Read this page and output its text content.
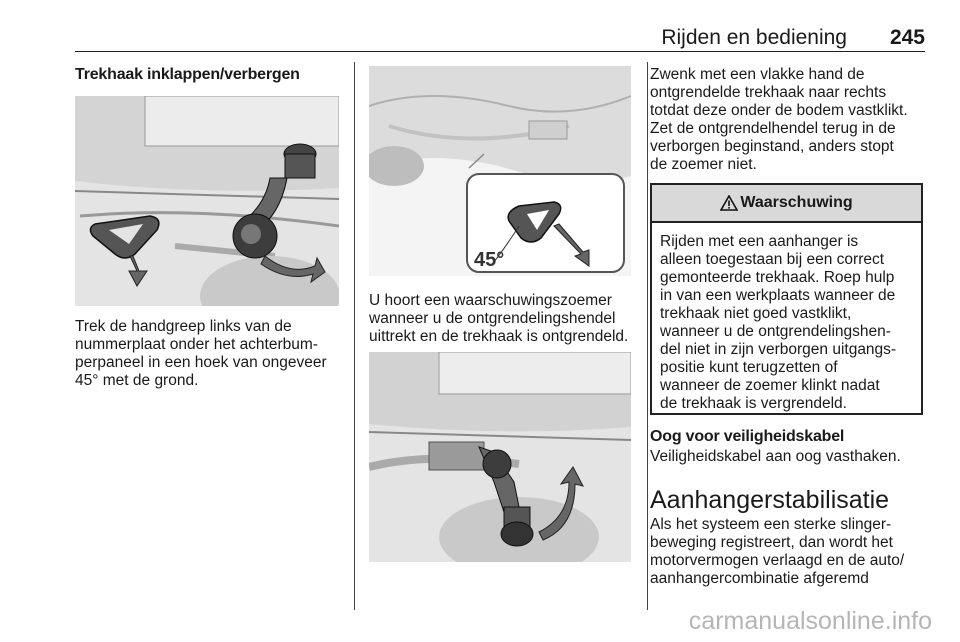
Rijden en bediening 245

Trekhaak inklappen/verbergen

Trek de handgreep links van de

nummerplaat onder het achterbum-

perpaneel in een hoek van ongeveer

45° met de grond.

45°

U hoort een waarschuwingszoemer

wanneer u de ontgrendelingshendel

uittrekt en de trekhaak is ontgrendeld.

Zwenk met een vlakke hand de

ontgrendelde trekhaak naar rechts

totdat deze onder de bodem vastklikt.

Zet de ontgrendelhendel terug in de

verborgen beginstand, anders stopt

de zoemer niet.

Waarschuwing

Rijden met een aanhanger is

alleen toegestaan bij een correct

gemonteerde trekhaak. Roep hulp

in van een werkplaats wanneer de

trekhaak niet goed vastklikt,

wanneer u de ontgrendelingshen-

del niet in zijn verborgen uitgangs-

positie kunt terugzetten of

wanneer de zoemer klinkt nadat

de trekhaak is vergrendeld.

Oog voor veiligheidskabel

Veiligheidskabel aan oog vasthaken.

Aanhangerstabilisatie

Als het systeem een sterke slinger-

beweging registreert, dan wordt het

motorvermogen verlaagd en de auto/

aanhangercombinatie afgeremd

carmanualsonline.info
